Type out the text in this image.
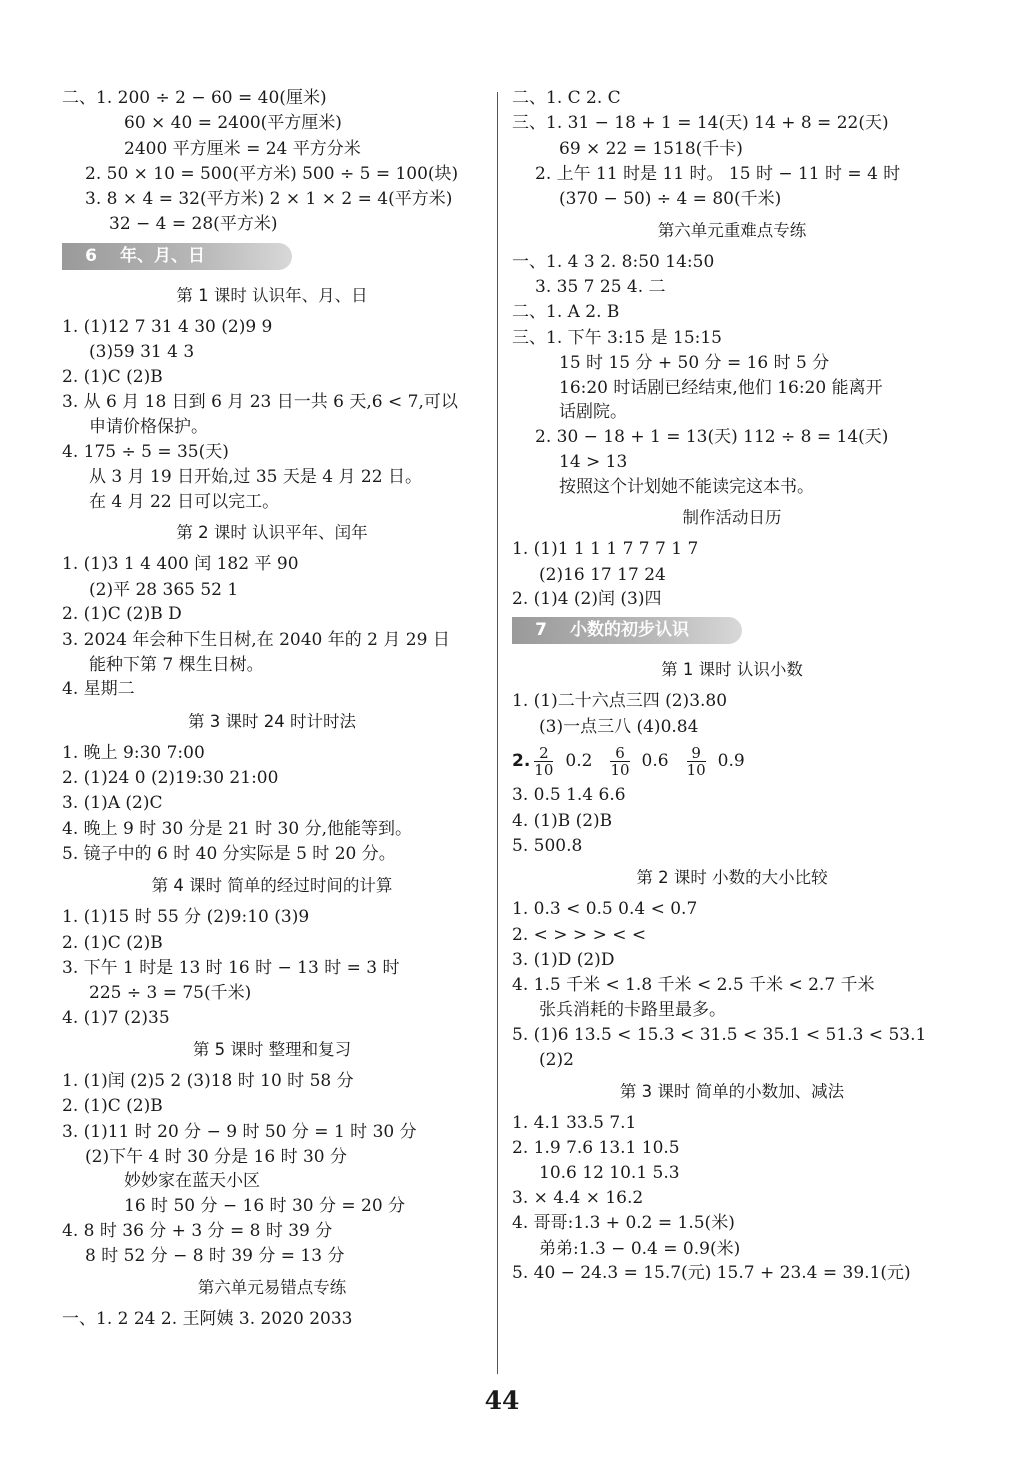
二、1. 200 ÷ 2 − 60 = 40(厘米)
60 × 40 = 2400(平方厘米)
2400 平方厘米 = 24 平方分米
2. 50 × 10 = 500(平方米) 500 ÷ 5 = 100(块)
3. 8 × 4 = 32(平方米) 2 × 1 × 2 = 4(平方米)
32 − 4 = 28(平方米)
6 年、月、日
第 1 课时 认识年、月、日
1. (1)12 7 31 4 30 (2)9 9
(3)59 31 4 3
2. (1)C (2)B
3. 从 6 月 18 日到 6 月 23 日一共 6 天,6 < 7,可以
申请价格保护。
4. 175 ÷ 5 = 35(天)
从 3 月 19 日开始,过 35 天是 4 月 22 日。
在 4 月 22 日可以完工。
第 2 课时 认识平年、闰年
1. (1)3 1 4 400 闰 182 平 90
(2)平 28 365 52 1
2. (1)C (2)B D
3. 2024 年会种下生日树,在 2040 年的 2 月 29 日
能种下第 7 棵生日树。
4. 星期二
第 3 课时 24 时计时法
1. 晚上 9:30 7:00
2. (1)24 0 (2)19:30 21:00
3. (1)A (2)C
4. 晚上 9 时 30 分是 21 时 30 分,他能等到。
5. 镜子中的 6 时 40 分实际是 5 时 20 分。
第 4 课时 简单的经过时间的计算
1. (1)15 时 55 分 (2)9:10 (3)9
2. (1)C (2)B
3. 下午 1 时是 13 时 16 时 − 13 时 = 3 时
225 ÷ 3 = 75(千米)
4. (1)7 (2)35
第 5 课时 整理和复习
1. (1)闰 (2)5 2 (3)18 时 10 时 58 分
2. (1)C (2)B
3. (1)11 时 20 分 − 9 时 50 分 = 1 时 30 分
(2)下午 4 时 30 分是 16 时 30 分
妙妙家在蓝天小区
16 时 50 分 − 16 时 30 分 = 20 分
4. 8 时 36 分 + 3 分 = 8 时 39 分
8 时 52 分 − 8 时 39 分 = 13 分
第六单元易错点专练
一、1. 2 24 2. 王阿姨 3. 2020 2033
二、1. C 2. C
三、1. 31 − 18 + 1 = 14(天) 14 + 8 = 22(天)
69 × 22 = 1518(千卡)
2. 上午 11 时是 11 时。 15 时 − 11 时 = 4 时
(370 − 50) ÷ 4 = 80(千米)
第六单元重难点专练
一、1. 4 3 2. 8:50 14:50
3. 35 7 25 4. 二
二、1. A 2. B
三、1. 下午 3:15 是 15:15
15 时 15 分 + 50 分 = 16 时 5 分
16:20 时话剧已经结束,他们 16:20 能离开
话剧院。
2. 30 − 18 + 1 = 13(天) 112 ÷ 8 = 14(天)
14 > 13
按照这个计划她不能读完这本书。
制作活动日历
1. (1)1 1 1 1 7 7 7 1 7
(2)16 17 17 24
2. (1)4 (2)闰 (3)四
7 小数的初步认识
第 1 课时 认识小数
1. (1)二十六点三四 (2)3.80
(3)一点三八 (4)0.84
2. $\frac{2}{10} 0.2 \frac{6}{10} 0.6 \frac{9}{10} 0.9$
3. 0.5 1.4 6.6
4. (1)B (2)B
5. 500.8
第 2 课时 小数的大小比较
1. 0.3 < 0.5 0.4 < 0.7
2. < > > > < <
3. (1)D (2)D
4. 1.5 千米 < 1.8 千米 < 2.5 千米 < 2.7 千米
张兵消耗的卡路里最多。
5. (1)6 13.5 < 15.3 < 31.5 < 35.1 < 51.3 < 53.1
(2)2
第 3 课时 简单的小数加、减法
1. 4.1 33.5 7.1
2. 1.9 7.6 13.1 10.5
10.6 12 10.1 5.3
3. × 4.4 × 16.2
4. 哥哥:1.3 + 0.2 = 1.5(米)
弟弟:1.3 − 0.4 = 0.9(米)
5. 40 − 24.3 = 15.7(元) 15.7 + 23.4 = 39.1(元)
44
